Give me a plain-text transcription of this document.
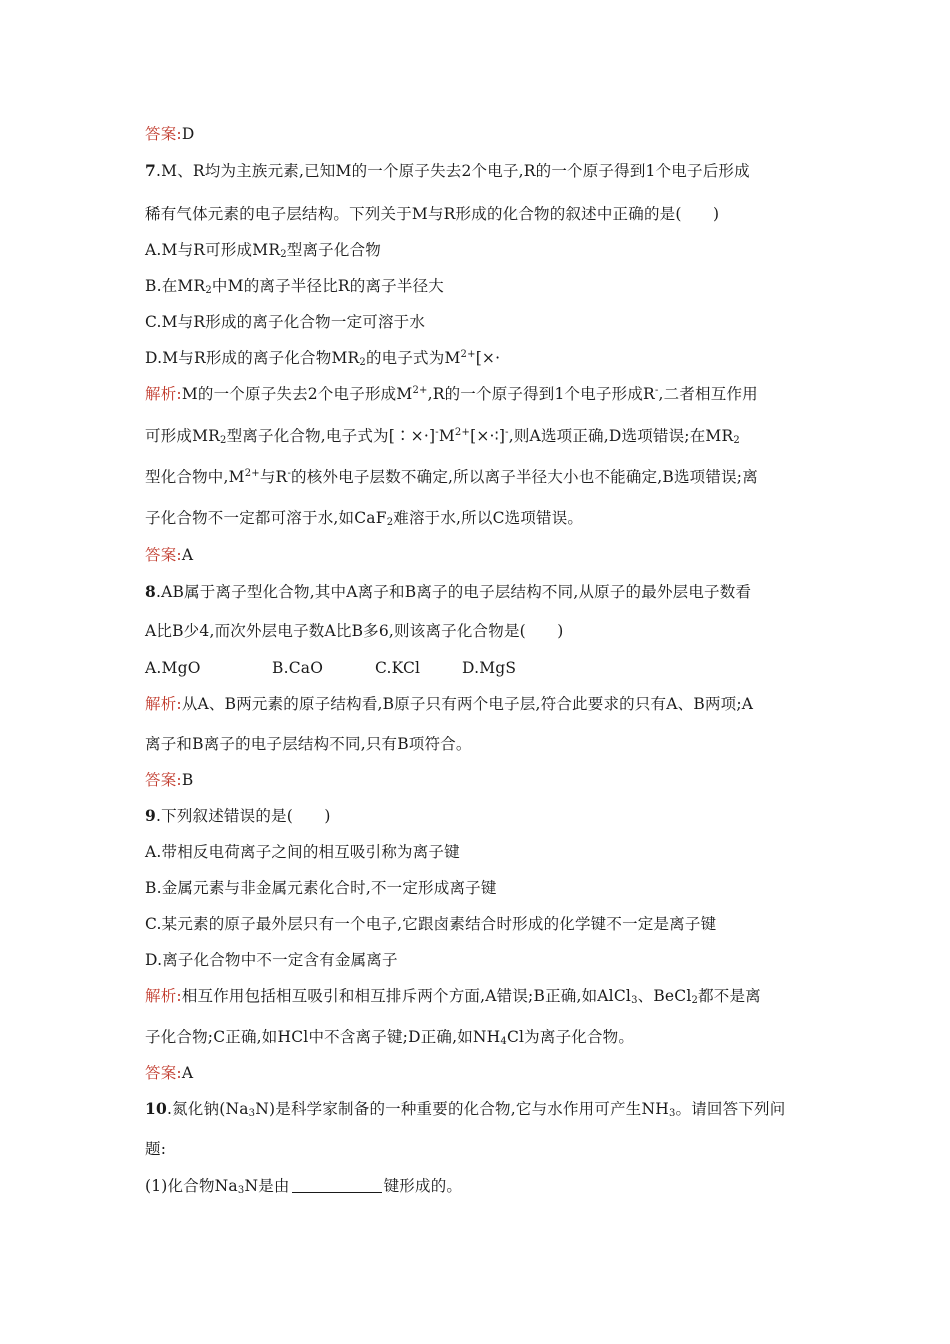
答案:D
7.M、R均为主族元素,已知M的一个原子失去2个电子,R的一个原子得到1个电子后形成
稀有气体元素的电子层结构。下列关于M与R形成的化合物的叙述中正确的是(　　)
A.M与R可形成$MR_2$型离子化合物
B.在$MR_2$中M的离子半径比R的离子半径大
C.M与R形成的离子化合物一定可溶于水
D.M与R形成的离子化合物$MR_2$的电子式为$M^{2+}[\times\cdot$
解析:M的一个原子失去2个电子形成$M^{2+},R$的一个原子得到1个电子形成R-,二者相互作用
可形成$MR_2$型离子化合物,电子式为$[∶\times\cdot]^-M^{2+}[\times\cdot∶]^-$,则A选项正确,D选项错误;在$MR_2$
型化合物中$,M^{2+}$与R-的核外电子层数不确定,所以离子半径大小也不能确定,B选项错误;离
子化合物不一定都可溶于水,如CaF$_2$难溶于水,所以C选项错误。
答案:A
8.AB属于离子型化合物,其中A离子和B离子的电子层结构不同,从原子的最外层电子数看
A比B少4,而次外层电子数A比B多6,则该离子化合物是(　　)
A.MgO	B.CaO	C.KCl	D.MgS
解析:从A、B两元素的原子结构看,B原子只有两个电子层,符合此要求的只有A、B两项;A
离子和B离子的电子层结构不同,只有B项符合。
答案:B
9.下列叙述错误的是(　　)
A.带相反电荷离子之间的相互吸引称为离子键
B.金属元素与非金属元素化合时,不一定形成离子键
C.某元素的原子最外层只有一个电子,它跟卤素结合时形成的化学键不一定是离子键
D.离子化合物中不一定含有金属离子
解析:相互作用包括相互吸引和相互排斥两个方面,A错误;B正确,如AlCl$_3$、BeCl$_2$都不是离
子化合物;C正确,如HCl中不含离子键;D正确,如$NH_4Cl$为离子化合物。
答案:A
10.氮化钠$(Na_3N)$是科学家制备的一种重要的化合物,它与水作用可产生$NH_3$。请回答下列问
题:
(1)化合物$Na_3N$是由	键形成的。
